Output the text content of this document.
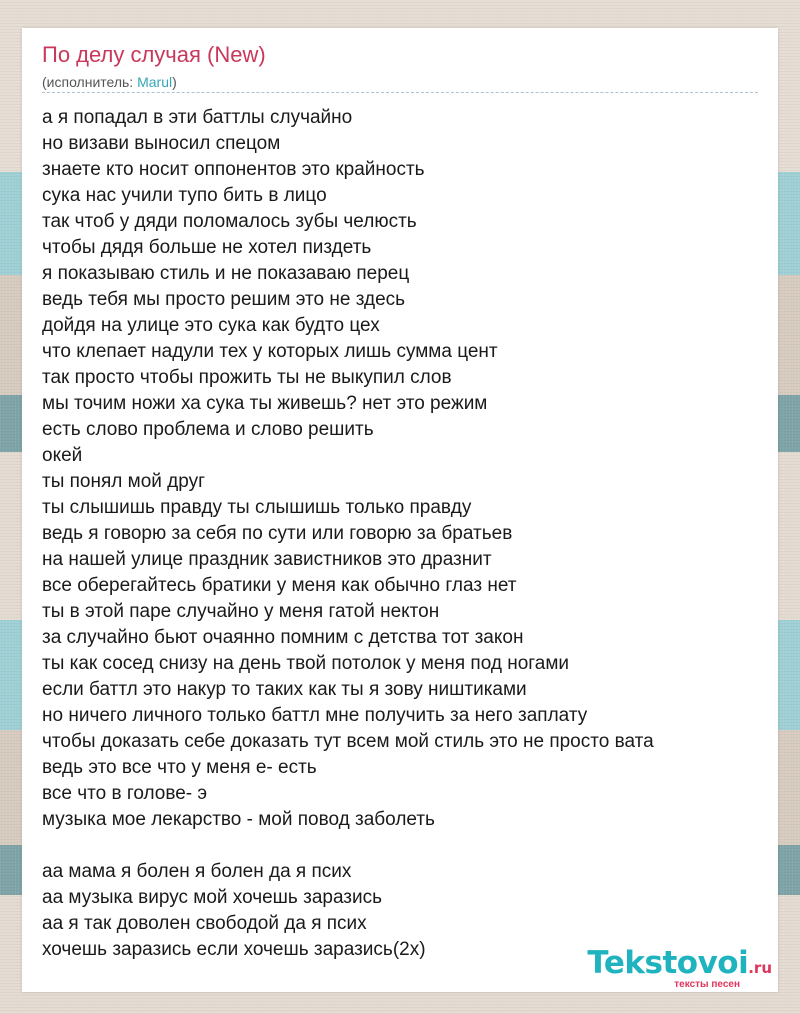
По делу случая (New)
(исполнитель: Marul)
а я попадал в эти баттлы случайно
но визави выносил спецом
знаете кто носит оппонентов это крайность
сука нас учили тупо бить в лицо
так чтоб у дяди поломалось зубы челюсть
чтобы дядя больше не хотел пиздеть
я показываю стиль и не показаваю перец
ведь тебя мы просто решим это не здесь
дойдя на улице это сука как будто цех
что клепает надули тех у которых лишь сумма цент
так просто чтобы прожить ты не выкупил слов
мы точим ножи ха сука ты живешь? нет это режим
есть слово проблема и слово решить
окей
ты понял мой друг
ты слышишь правду ты слышишь только правду
ведь я говорю за себя по сути или говорю за братьев
на нашей улице праздник завистников это дразнит
все оберегайтесь братики у меня как обычно глаз нет
ты в этой паре случайно у меня гатой нектон
за случайно бьют очаянно помним с детства тот закон
ты как сосед снизу на день твой потолок у меня под ногами
если баттл это накур то таких как ты я зову ништиками
но ничего личного только баттл мне получить за него заплату
чтобы доказать себе доказать тут всем мой стиль это не просто вата
ведь это все что у меня е- есть
все что в голове- э
музыка мое лекарство - мой повод заболеть
аа мама я болен я болен да я псих
аа музыка вирус мой хочешь заразись
аа я так доволен свободой да я псих
хочешь заразись если хочешь заразись(2x)	Tekstovoi.ru
тексты песен
